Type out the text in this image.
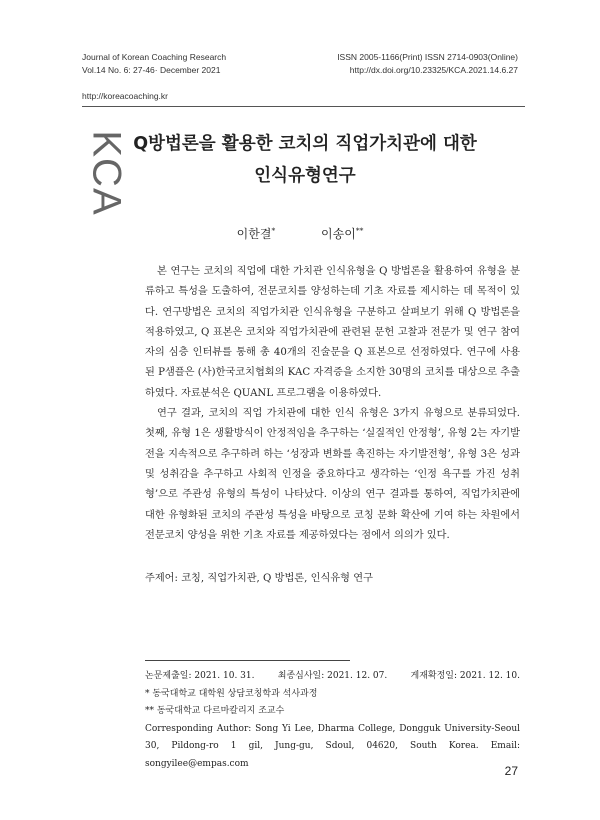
Journal of Korean Coaching Research
Vol.14 No. 6: 27-46· December 2021
ISSN 2005-1166(Print) ISSN 2714-0903(Online)
http://dx.doi.org/10.23325/KCA.2021.14.6.27
http://koreacoaching.kr
KCA Q방법론을 활용한 코치의 직업가치관에 대한
인식유형연구
이한결*	이송이**

본 연구는 코치의 직업에 대한 가치관 인식유형을 Q 방법론을 활용하여 유형을 분류하고 특성을 도출하여, 전문코치를 양성하는데 기초 자료를 제시하는 데 목적이 있다. 연구방법은 코치의 직업가치관 인식유형을 구분하고 살펴보기 위해 Q 방법론을 적용하였고, Q 표본은 코치와 직업가치관에 관련된 문헌 고찰과 전문가 및 연구 참여자의 심층 인터뷰를 통해 총 40개의 진술문을 Q 표본으로 선정하였다. 연구에 사용된 P샘플은 (사)한국코치협회의 KAC 자격증을 소지한 30명의 코치를 대상으로 추출하였다. 자료분석은 QUANL 프로그램을 이용하였다.

연구 결과, 코치의 직업 가치관에 대한 인식 유형은 3가지 유형으로 분류되었다. 첫째, 유형 1은 생활방식이 안정적임을 추구하는 ‘실질적인 안정형’, 유형 2는 자기발전을 지속적으로 추구하려 하는 ‘성장과 변화를 촉진하는 자기발전형’, 유형 3은 성과 및 성취감을 추구하고 사회적 인정을 중요하다고 생각하는 ‘인정 욕구를 가진 성취형’으로 주관성 유형의 특성이 나타났다. 이상의 연구 결과를 통하여, 직업가치관에 대한 유형화된 코치의 주관성 특성을 바탕으로 코칭 문화 확산에 기여 하는 차원에서 전문코치 양성을 위한 기초 자료를 제공하였다는 점에서 의의가 있다.

주제어: 코칭, 직업가치관, Q 방법론, 인식유형 연구
논문제출일: 2021. 10. 31.	최종심사일: 2021. 12. 07.	게재확정일: 2021. 12. 10.
* 동국대학교 대학원 상담코칭학과 석사과정
** 동국대학교 다르마칼리지 조교수
Corresponding Author: Song Yi Lee, Dharma College, Dongguk University-Seoul 30, Pildong-ro 1 gil, Jung-gu, Sdoul, 04620, South Korea. Email: songyilee@empas.com
27
